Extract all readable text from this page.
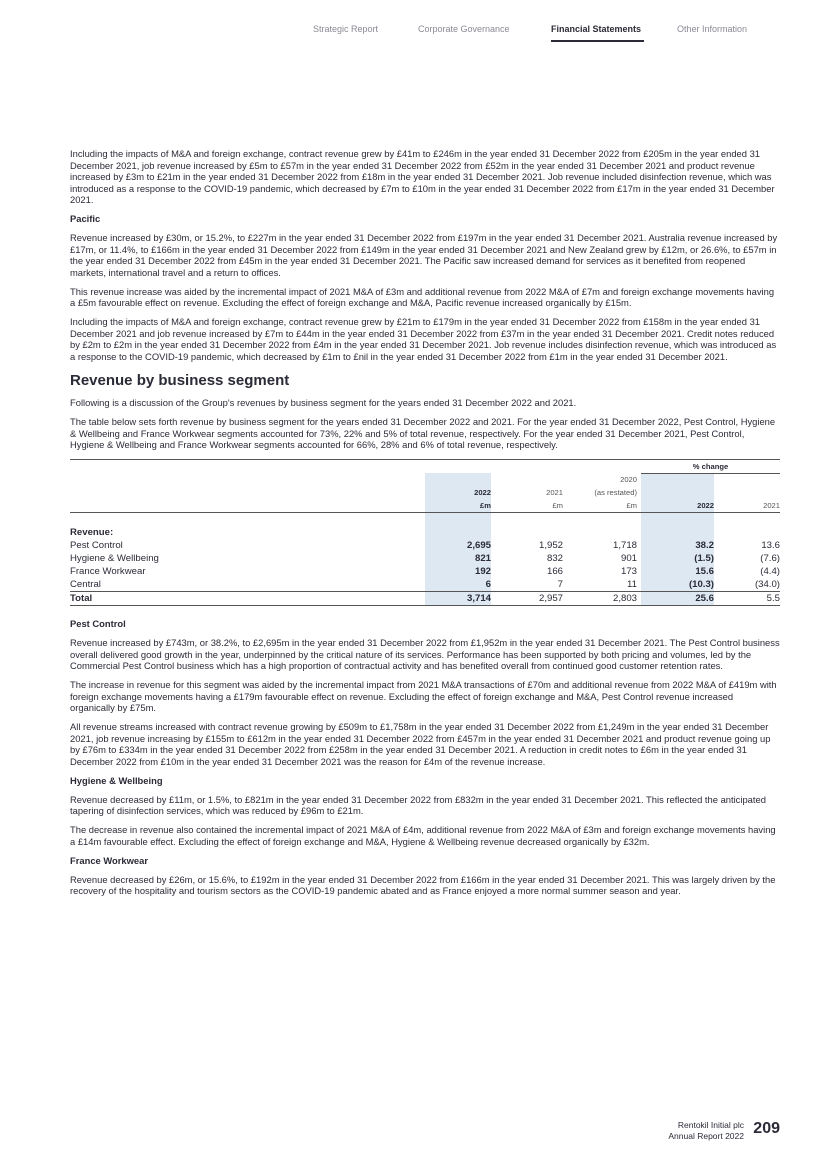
Strategic Report	Corporate Governance	Financial Statements	Other Information

Including the impacts of M&A and foreign exchange, contract revenue grew by £41m to £246m in the year ended 31 December 2022 from £205m in the year ended 31 December 2021, job revenue increased by £5m to £57m in the year ended 31 December 2022 from £52m in the year ended 31 December 2021 and product revenue increased by £3m to £21m in the year ended 31 December 2022 from £18m in the year ended 31 December 2021. Job revenue included disinfection revenue, which was introduced as a response to the COVID-19 pandemic, which decreased by £7m to £10m in the year ended 31 December 2022 from £17m in the year ended 31 December 2021.

Pacific

Revenue increased by £30m, or 15.2%, to £227m in the year ended 31 December 2022 from £197m in the year ended 31 December 2021. Australia revenue increased by £17m, or 11.4%, to £166m in the year ended 31 December 2022 from £149m in the year ended 31 December 2021 and New Zealand grew by £12m, or 26.6%, to £57m in the year ended 31 December 2022 from £45m in the year ended 31 December 2021. The Pacific saw increased demand for services as it benefited from reopened markets, international travel and a return to offices.

This revenue increase was aided by the incremental impact of 2021 M&A of £3m and additional revenue from 2022 M&A of £7m and foreign exchange movements having a £5m favourable effect on revenue. Excluding the effect of foreign exchange and M&A, Pacific revenue increased organically by £15m.

Including the impacts of M&A and foreign exchange, contract revenue grew by £21m to £179m in the year ended 31 December 2022 from £158m in the year ended 31 December 2021 and job revenue increased by £7m to £44m in the year ended 31 December 2022 from £37m in the year ended 31 December 2021. Credit notes reduced by £2m to £2m in the year ended 31 December 2022 from £4m in the year ended 31 December 2021. Job revenue includes disinfection revenue, which was introduced as a response to the COVID-19 pandemic, which decreased by £1m to £nil in the year ended 31 December 2022 from £1m in the year ended 31 December 2021.

Revenue by business segment

Following is a discussion of the Group's revenues by business segment for the years ended 31 December 2022 and 2021.

The table below sets forth revenue by business segment for the years ended 31 December 2022 and 2021. For the year ended 31 December 2022, Pest Control, Hygiene & Wellbeing and France Workwear segments accounted for 73%, 22% and 5% of total revenue, respectively. For the year ended 31 December 2021, Pest Control, Hygiene & Wellbeing and France Workwear segments accounted for 66%, 28% and 6% of total revenue, respectively.

							% change	
	2022
£m		2021
£m		2020
(as restated)
£m		2022	2021

Revenue:								
Pest Control	2,695		1,952		1,718		38.2	13.6
Hygiene & Wellbeing	821		832		901		(1.5)	(7.6)
France Workwear	192		166		173		15.6	(4.4)
Central	6		7		11		(10.3)	(34.0)
Total	3,714		2,957		2,803		25.6	5.5

Pest Control

Revenue increased by £743m, or 38.2%, to £2,695m in the year ended 31 December 2022 from £1,952m in the year ended 31 December 2021. The Pest Control business overall delivered good growth in the year, underpinned by the critical nature of its services. Performance has been supported by both pricing and volumes, led by the Commercial Pest Control business which has a high proportion of contractual activity and has benefited overall from continued good customer retention rates.

The increase in revenue for this segment was aided by the incremental impact from 2021 M&A transactions of £70m and additional revenue from 2022 M&A of £419m with foreign exchange movements having a £179m favourable effect on revenue. Excluding the effect of foreign exchange and M&A, Pest Control revenue increased organically by £75m.

All revenue streams increased with contract revenue growing by £509m to £1,758m in the year ended 31 December 2022 from £1,249m in the year ended 31 December 2021, job revenue increasing by £155m to £612m in the year ended 31 December 2022 from £457m in the year ended 31 December 2021 and product revenue going up by £76m to £334m in the year ended 31 December 2022 from £258m in the year ended 31 December 2021. A reduction in credit notes to £6m in the year ended 31 December 2022 from £10m in the year ended 31 December 2021 was the reason for £4m of the revenue increase.

Hygiene & Wellbeing

Revenue decreased by £11m, or 1.5%, to £821m in the year ended 31 December 2022 from £832m in the year ended 31 December 2021. This reflected the anticipated tapering of disinfection services, which was reduced by £96m to £21m.

The decrease in revenue also contained the incremental impact of 2021 M&A of £4m, additional revenue from 2022 M&A of £3m and foreign exchange movements having a £14m favourable effect. Excluding the effect of foreign exchange and M&A, Hygiene & Wellbeing revenue decreased organically by £32m.

France Workwear

Revenue decreased by £26m, or 15.6%, to £192m in the year ended 31 December 2022 from £166m in the year ended 31 December 2021. This was largely driven by the recovery of the hospitality and tourism sectors as the COVID-19 pandemic abated and as France enjoyed a more normal summer season and year.

Rentokil Initial plc
Annual Report 2022 209
